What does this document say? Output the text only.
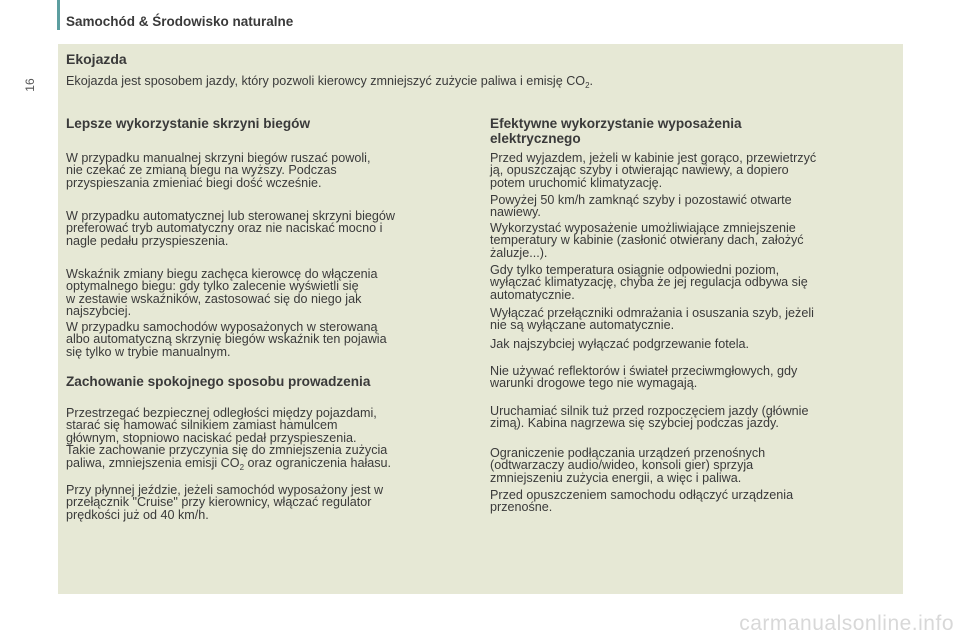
Samochód & Środowisko naturalne
16
Ekojazda
Ekojazda jest sposobem jazdy, który pozwoli kierowcy zmniejszyć zużycie paliwa i emisję $CO_2$.
Lepsze wykorzystanie skrzyni biegów

W przypadku manualnej skrzyni biegów ruszać powoli,
nie czekać ze zmianą biegu na wyższy. Podczas
przyspieszania zmieniać biegi dość wcześnie.

W przypadku automatycznej lub sterowanej skrzyni biegów
preferować tryb automatyczny oraz nie naciskać mocno i
nagle pedału przyspieszenia.

Wskaźnik zmiany biegu zachęca kierowcę do włączenia
optymalnego biegu: gdy tylko zalecenie wyświetli się
w zestawie wskaźników, zastosować się do niego jak
najszybciej.

W przypadku samochodów wyposażonych w sterowaną
albo automatyczną skrzynię biegów wskaźnik ten pojawia
się tylko w trybie manualnym.

Zachowanie spokojnego sposobu prowadzenia

Przestrzegać bezpiecznej odległości między pojazdami,
starać się hamować silnikiem zamiast hamulcem
głównym, stopniowo naciskać pedał przyspieszenia.
Takie zachowanie przyczynia się do zmniejszenia zużycia

paliwa, zmniejszenia emisji $CO_2$ oraz ograniczenia hałasu.

Przy płynnej jeździe, jeżeli samochód wyposażony jest w
przełącznik "Cruise" przy kierownicy, włączać regulator
prędkości już od 40 km/h.

Efektywne wykorzystanie wyposażenia
elektrycznego

Przed wyjazdem, jeżeli w kabinie jest gorąco, przewietrzyć
ją, opuszczając szyby i otwierając nawiewy, a dopiero
potem uruchomić klimatyzację.

Powyżej 50 km/h zamknąć szyby i pozostawić otwarte
nawiewy.

Wykorzystać wyposażenie umożliwiające zmniejszenie
temperatury w kabinie (zasłonić otwierany dach, założyć
żaluzje...).

Gdy tylko temperatura osiągnie odpowiedni poziom,
wyłączać klimatyzację, chyba że jej regulacja odbywa się
automatycznie.

Wyłączać przełączniki odmrażania i osuszania szyb, jeżeli
nie są wyłączane automatycznie.

Jak najszybciej wyłączać podgrzewanie fotela.

Nie używać reflektorów i świateł przeciwmgłowych, gdy
warunki drogowe tego nie wymagają.

Uruchamiać silnik tuż przed rozpoczęciem jazdy (głównie
zimą). Kabina nagrzewa się szybciej podczas jazdy.

Ograniczenie podłączania urządzeń przenośnych
(odtwarzaczy audio/wideo, konsoli gier) sprzyja
zmniejszeniu zużycia energii, a więc i paliwa.

Przed opuszczeniem samochodu odłączyć urządzenia
przenośne.

carmanualsonline.info
